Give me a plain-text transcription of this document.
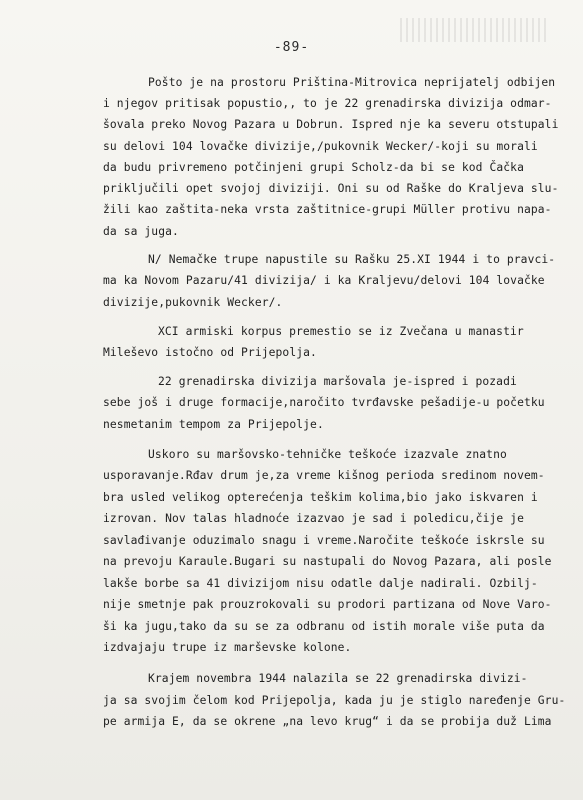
-89-
Pošto je na prostoru Priština-Mitrovica neprijatelj odbijen
i njegov pritisak popustio,, to je 22 grenadirska divizija odmar-
šovala preko Novog Pazara u Dobrun. Ispred nje ka severu otstupali
su delovi 104 lovačke divizije,/pukovnik Wecker/-koji su morali
da budu privremeno potčinjeni grupi Scholz-da bi se kod Čačka
priključili opet svojoj diviziji. Oni su od Raške do Kraljeva slu-
žili kao zaštita-neka vrsta zaštitnice-grupi Müller protivu napa-
da sa juga.
N/ Nemačke trupe napustile su Rašku 25.XI 1944 i to pravci-
ma ka Novom Pazaru/41 divizija/ i ka Kraljevu/delovi 104 lovačke
divizije,pukovnik Wecker/.
XCI armiski korpus premestio se iz Zvečana u manastir
Mileševo istočno od Prijepolja.
22 grenadirska divizija maršovala je-ispred i pozadi
sebe još i druge formacije,naročito tvrđavske pešadije-u početku
nesmetanim tempom za Prijepolje.
Uskoro su maršovsko-tehničke teškoće izazvale znatno
usporavanje.Rđav drum je,za vreme kišnog perioda sredinom novem-
bra usled velikog opterećenja teškim kolima,bio jako iskvaren i
izrovan. Nov talas hladnoće izazvao je sad i poledicu,čije je
savlađivanje oduzimalo snagu i vreme.Naročite teškoće iskrsle su
na prevoju Karaule.Bugari su nastupali do Novog Pazara, ali posle
lakše borbe sa 41 divizijom nisu odatle dalje nadirali. Ozbilj-
nije smetnje pak prouzrokovali su prodori partizana od Nove Varo-
ši ka jugu,tako da su se za odbranu od istih morale više puta da
izdvajaju trupe iz marševske kolone.
Krajem novembra 1944 nalazila se 22 grenadirska divizi-
ja sa svojim čelom kod Prijepolja, kada ju je stiglo naređenje Gru-
pe armija E, da se okrene „na levo krug“ i da se probija duž Lima
